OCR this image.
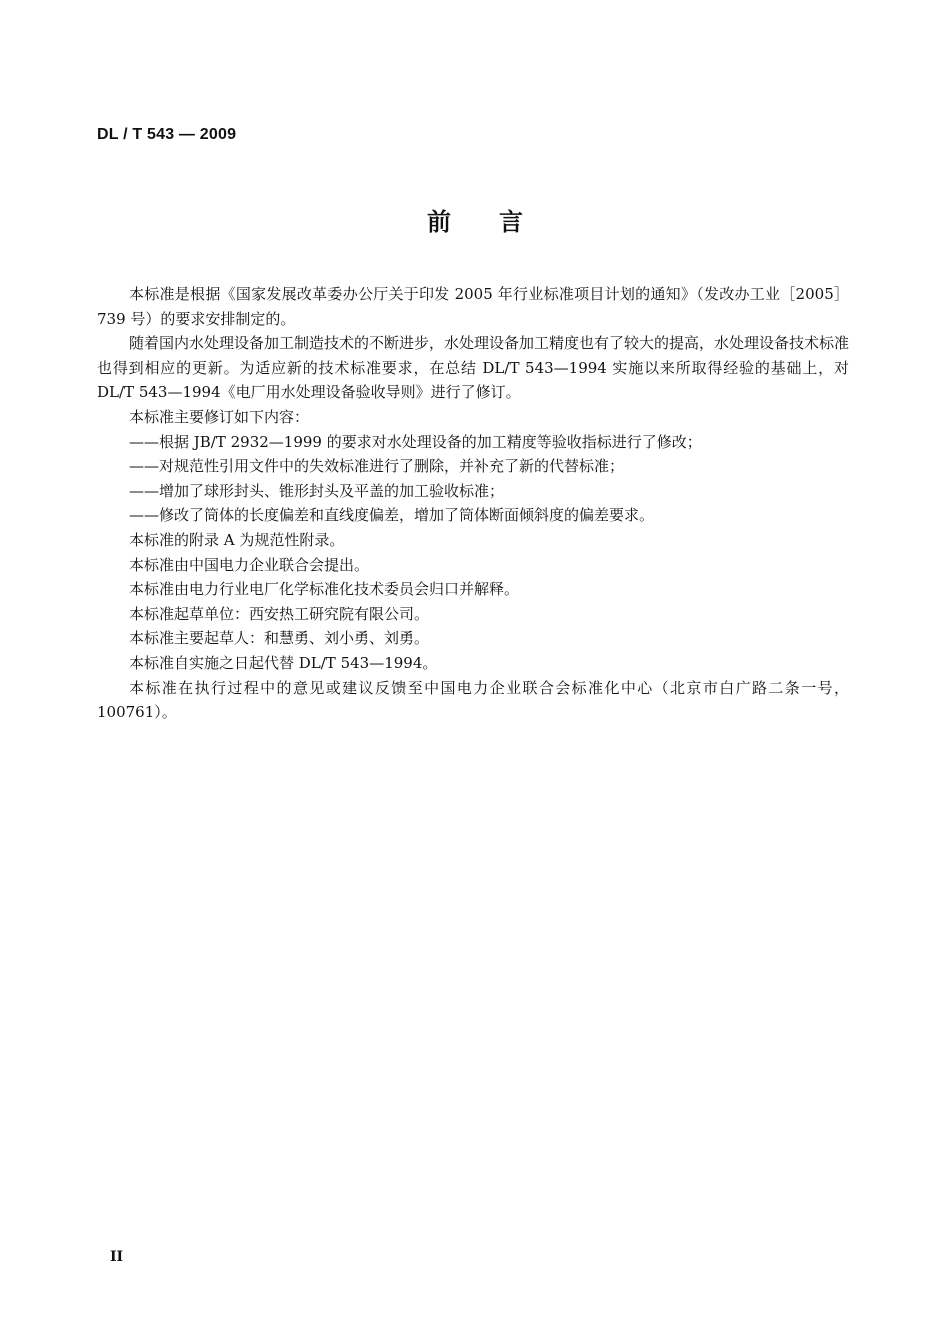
DL / T 543 — 2009
前言

本标准是根据《国家发展改革委办公厅关于印发 2005 年行业标准项目计划的通知》（发改办工业［2005］739 号）的要求安排制定的。

随着国内水处理设备加工制造技术的不断进步，水处理设备加工精度也有了较大的提高，水处理设备技术标准也得到相应的更新。为适应新的技术标准要求，在总结 DL/T 543—1994 实施以来所取得经验的基础上，对 DL/T 543—1994《电厂用水处理设备验收导则》进行了修订。

本标准主要修订如下内容：

——根据 JB/T 2932—1999 的要求对水处理设备的加工精度等验收指标进行了修改；

——对规范性引用文件中的失效标准进行了删除，并补充了新的代替标准；

——增加了球形封头、锥形封头及平盖的加工验收标准；

——修改了筒体的长度偏差和直线度偏差，增加了筒体断面倾斜度的偏差要求。

本标准的附录 A 为规范性附录。

本标准由中国电力企业联合会提出。

本标准由电力行业电厂化学标准化技术委员会归口并解释。

本标准起草单位：西安热工研究院有限公司。

本标准主要起草人：和慧勇、刘小勇、刘勇。

本标准自实施之日起代替 DL/T 543—1994。

本标准在执行过程中的意见或建议反馈至中国电力企业联合会标准化中心（北京市白广路二条一号，100761）。

II
